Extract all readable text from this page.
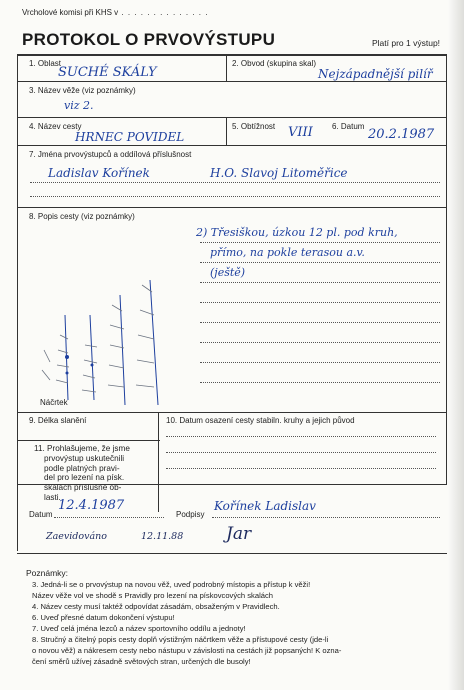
Vrcholové komisi při KHS v . . . . . . . . . . . . . .
PROTOKOL O PRVOVÝSTUPU	Platí pro 1 výstup!
1. Oblast
SUCHÉ SKÁLY
2. Obvod (skupina skal)
Nejzápadnější pilíř
3. Název věže (viz poznámky)
viz 2.
4. Název cesty
HRNEC POVIDEL
5. Obtížnost VIII 6. Datum
20.2.1987
7. Jména prvovýstupců a oddílová příslušnost
Ladislav Kořínek	H.O. Slavoj Litoměřice
8. Popis cesty (viz poznámky)
2) Třesiškou, úzkou 12 pl. pod kruh,
přímo, na pokle terasou a.v.
(ještě)
Náčrtek
9. Délka slanění	10. Datum osazení cesty stabiln. kruhy a jejich původ
11. Prohlašujeme, že jsme
prvovýstup uskutečnili
podle platných pravi-
del pro lezení na písk.
skalách příslušné ob-
lasti.
Datum
12.4.1987
Podpisy
Kořínek Ladislav
Zaevidováno	12.11.88	Jar
Poznámky:
3. Jedná-li se o prvovýstup na novou věž, uveď podrobný místopis a přístup k věži!
Název věže vol ve shodě s Pravidly pro lezení na pískovcových skalách
4. Název cesty musí taktéž odpovídat zásadám, obsaženým v Pravidlech.
6. Uveď přesné datum dokončení výstupu!
7. Uveď celá jména lezců a název sportovního oddílu a jednoty!
8. Stručný a čitelný popis cesty doplň výstižným náčrtkem věže a přístupové cesty (jde-li
o novou věž) a nákresem cesty nebo nástupu v závislosti na cestách již popsaných! K ozna-
čení směrů užívej zásadně světových stran, určených dle busoly!
